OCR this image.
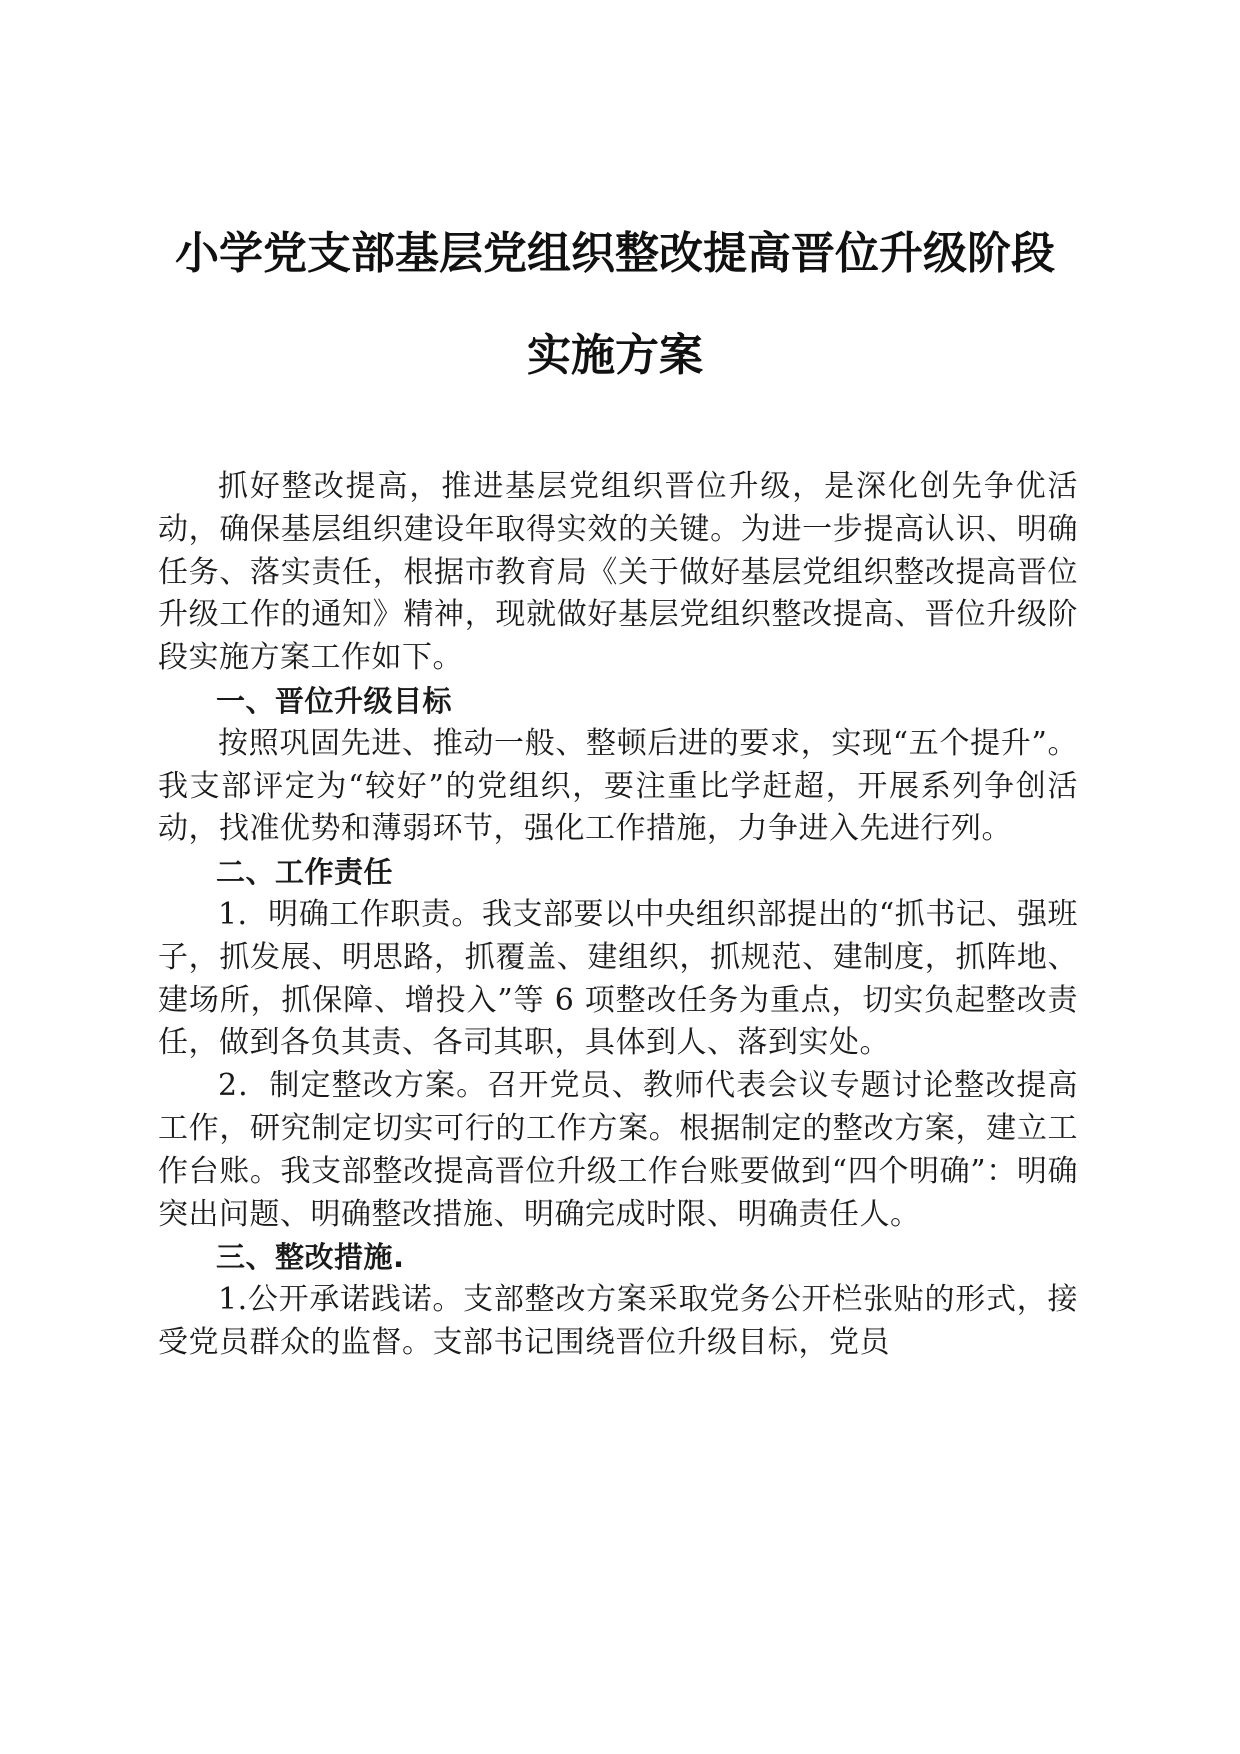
小学党支部基层党组织整改提高晋位升级阶段
实施方案

抓好整改提高，推进基层党组织晋位升级，是深化创先争优活动，确保基层组织建设年取得实效的关键。为进一步提高认识、明确任务、落实责任，根据市教育局《关于做好基层党组织整改提高晋位升级工作的通知》精神，现就做好基层党组织整改提高、晋位升级阶段实施方案工作如下。

一、晋位升级目标

按照巩固先进、推动一般、整顿后进的要求，实现“五个提升”。我支部评定为“较好”的党组织，要注重比学赶超，开展系列争创活动，找准优势和薄弱环节，强化工作措施，力争进入先进行列。

二、工作责任

1．明确工作职责。我支部要以中央组织部提出的“抓书记、强班子，抓发展、明思路，抓覆盖、建组织，抓规范、建制度，抓阵地、建场所，抓保障、增投入”等 6 项整改任务为重点，切实负起整改责任，做到各负其责、各司其职，具体到人、落到实处。

2．制定整改方案。召开党员、教师代表会议专题讨论整改提高工作，研究制定切实可行的工作方案。根据制定的整改方案，建立工作台账。我支部整改提高晋位升级工作台账要做到“四个明确”：明确突出问题、明确整改措施、明确完成时限、明确责任人。

三、整改措施.

1.公开承诺践诺。支部整改方案采取党务公开栏张贴的形式，接受党员群众的监督。支部书记围绕晋位升级目标，党员
